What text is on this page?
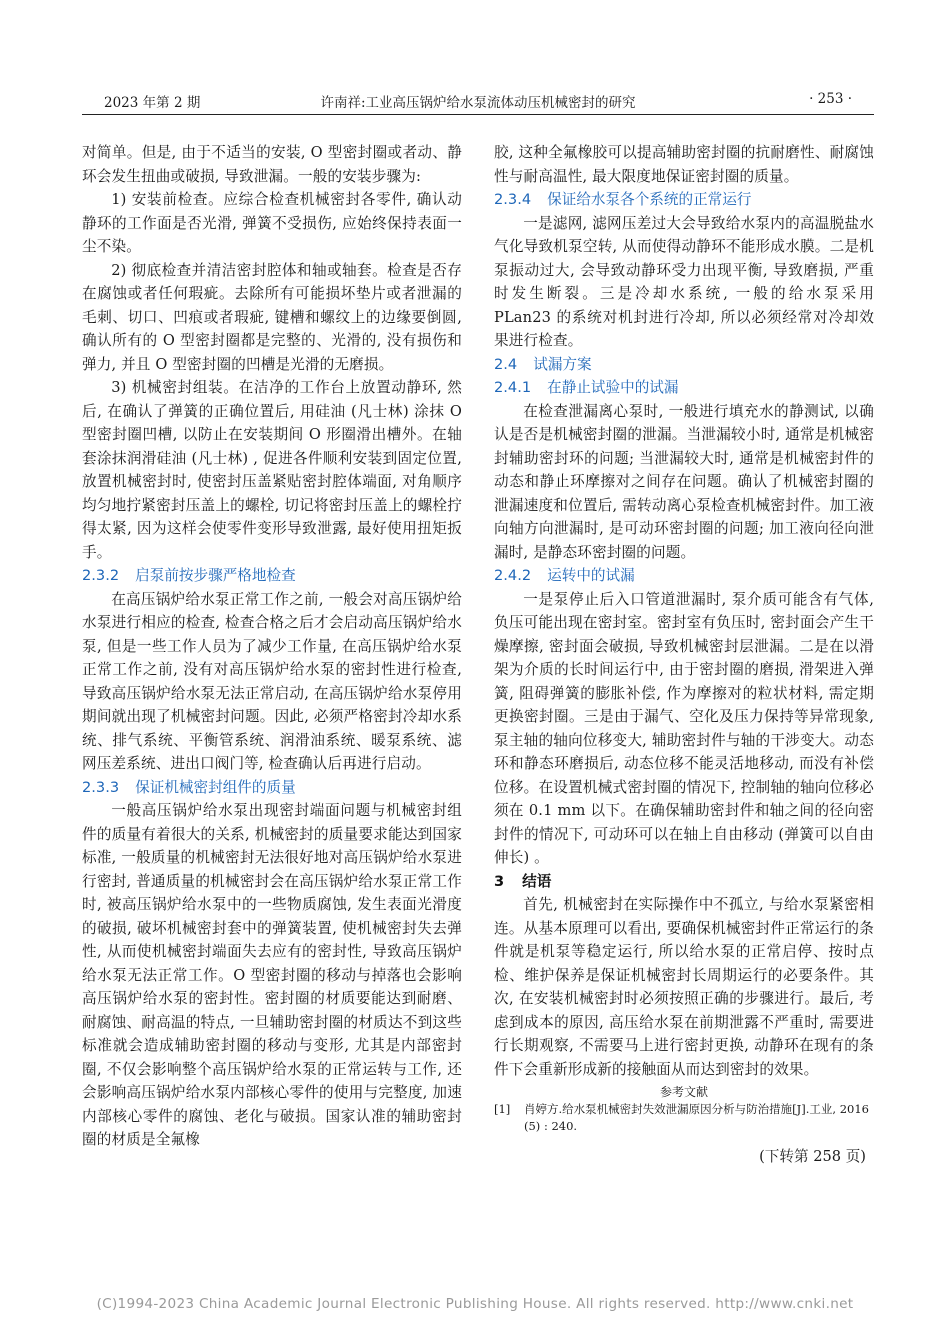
2023 年第 2 期	许南祥:工业高压锅炉给水泵流体动压机械密封的研究	· 253 ·

对简单。但是, 由于不适当的安装, O 型密封圈或者动、静环会发生扭曲或破损, 导致泄漏。一般的安装步骤为:

1) 安装前检查。应综合检查机械密封各零件, 确认动静环的工作面是否光滑, 弹簧不受损伤, 应始终保持表面一尘不染。

2) 彻底检查并清洁密封腔体和轴或轴套。检查是否存在腐蚀或者任何瑕疵。去除所有可能损坏垫片或者泄漏的毛刺、切口、凹痕或者瑕疵, 键槽和螺纹上的边缘要倒圆, 确认所有的 O 型密封圈都是完整的、光滑的, 没有损伤和弹力, 并且 O 型密封圈的凹槽是光滑的无磨损。

3) 机械密封组装。在洁净的工作台上放置动静环, 然后, 在确认了弹簧的正确位置后, 用硅油 (凡士林) 涂抹 O 型密封圈凹槽, 以防止在安装期间 O 形圈滑出槽外。在轴套涂抹润滑硅油 (凡士林) , 促进各件顺利安装到固定位置, 放置机械密封时, 使密封压盖紧贴密封腔体端面, 对角顺序均匀地拧紧密封压盖上的螺栓, 切记将密封压盖上的螺栓拧得太紧, 因为这样会使零件变形导致泄露, 最好使用扭矩扳手。

2.3.2 启泵前按步骤严格地检查

在高压锅炉给水泵正常工作之前, 一般会对高压锅炉给水泵进行相应的检查, 检查合格之后才会启动高压锅炉给水泵, 但是一些工作人员为了减少工作量, 在高压锅炉给水泵正常工作之前, 没有对高压锅炉给水泵的密封性进行检查, 导致高压锅炉给水泵无法正常启动, 在高压锅炉给水泵停用期间就出现了机械密封问题。因此, 必须严格密封冷却水系统、排气系统、平衡管系统、润滑油系统、暖泵系统、滤网压差系统、进出口阀门等, 检查确认后再进行启动。

2.3.3 保证机械密封组件的质量

一般高压锅炉给水泵出现密封端面问题与机械密封组件的质量有着很大的关系, 机械密封的质量要求能达到国家标准, 一般质量的机械密封无法很好地对高压锅炉给水泵进行密封, 普通质量的机械密封会在高压锅炉给水泵正常工作时, 被高压锅炉给水泵中的一些物质腐蚀, 发生表面光滑度的破损, 破坏机械密封套中的弹簧装置, 使机械密封失去弹性, 从而使机械密封端面失去应有的密封性, 导致高压锅炉给水泵无法正常工作。O 型密封圈的移动与掉落也会影响高压锅炉给水泵的密封性。密封圈的材质要能达到耐磨、耐腐蚀、耐高温的特点, 一旦辅助密封圈的材质达不到这些标准就会造成辅助密封圈的移动与变形, 尤其是内部密封圈, 不仅会影响整个高压锅炉给水泵的正常运转与工作, 还会影响高压锅炉给水泵内部核心零件的使用与完整度, 加速内部核心零件的腐蚀、老化与破损。国家认准的辅助密封圈的材质是全氟橡

胶, 这种全氟橡胶可以提高辅助密封圈的抗耐磨性、耐腐蚀性与耐高温性, 最大限度地保证密封圈的质量。

2.3.4 保证给水泵各个系统的正常运行

一是滤网, 滤网压差过大会导致给水泵内的高温脱盐水气化导致机泵空转, 从而使得动静环不能形成水膜。二是机泵振动过大, 会导致动静环受力出现平衡, 导致磨损, 严重时发生断裂。三是冷却水系统, 一般的给水泵采用 PLan23 的系统对机封进行冷却, 所以必须经常对冷却效果进行检查。

2.4 试漏方案
2.4.1 在静止试验中的试漏

在检查泄漏离心泵时, 一般进行填充水的静测试, 以确认是否是机械密封圈的泄漏。当泄漏较小时, 通常是机械密封辅助密封环的问题; 当泄漏较大时, 通常是机械密封件的动态和静止环摩擦对之间存在问题。确认了机械密封圈的泄漏速度和位置后, 需转动离心泵检查机械密封件。加工液向轴方向泄漏时, 是可动环密封圈的问题; 加工液向径向泄漏时, 是静态环密封圈的问题。

2.4.2 运转中的试漏

一是泵停止后入口管道泄漏时, 泵介质可能含有气体, 负压可能出现在密封室。密封室有负压时, 密封面会产生干燥摩擦, 密封面会破损, 导致机械密封层泄漏。二是在以滑架为介质的长时间运行中, 由于密封圈的磨损, 滑架进入弹簧, 阻碍弹簧的膨胀补偿, 作为摩擦对的粒状材料, 需定期更换密封圈。三是由于漏气、空化及压力保持等异常现象, 泵主轴的轴向位移变大, 辅助密封件与轴的干涉变大。动态环和静态环磨损后, 动态位移不能灵活地移动, 而没有补偿位移。在设置机械式密封圈的情况下, 控制轴的轴向位移必须在 0.1 mm 以下。在确保辅助密封件和轴之间的径向密封件的情况下, 可动环可以在轴上自由移动 (弹簧可以自由伸长) 。

3 结语

首先, 机械密封在实际操作中不孤立, 与给水泵紧密相连。从基本原理可以看出, 要确保机械密封件正常运行的条件就是机泵等稳定运行, 所以给水泵的正常启停、按时点检、维护保养是保证机械密封长周期运行的必要条件。其次, 在安装机械密封时必须按照正确的步骤进行。最后, 考虑到成本的原因, 高压给水泵在前期泄露不严重时, 需要进行长期观察, 不需要马上进行密封更换, 动静环在现有的条件下会重新形成新的接触面从而达到密封的效果。

参考文献
[1]	肖婷方.给水泵机械密封失效泄漏原因分析与防治措施[J].工业, 2016 (5) : 240.
(下转第 258 页)
(C)1994-2023 China Academic Journal Electronic Publishing House. All rights reserved. http://www.cnki.net
